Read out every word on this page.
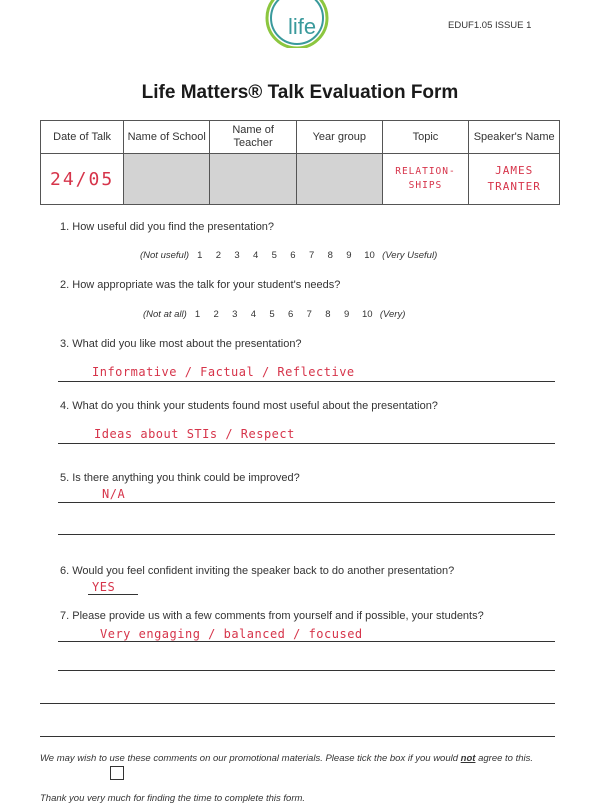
life	EDUF1.05 ISSUE 1
Life Matters® Talk Evaluation Form
Date of Talk	Name of School	Name of Teacher	Year group	Topic	Speaker's Name
24/05				RELATION- SHIPS	JAMES TRANTER
1. How useful did you find the presentation?
(Not useful) 1 2 3 4 5 6 7 8 9 10 (Very Useful)
2. How appropriate was the talk for your student's needs?
(Not at all) 1 2 3 4 5 6 7 8 9 10 (Very)
3. What did you like most about the presentation?
Informative / Factual / Reflective
4. What do you think your students found most useful about the presentation?
Ideas about STIs / Respect
5. Is there anything you think could be improved?
N/A
6. Would you feel confident inviting the speaker back to do another presentation?
YES
7. Please provide us with a few comments from yourself and if possible, your students?
Very engaging / balanced / focused
We may wish to use these comments on our promotional materials. Please tick the box if you would not agree to this.
Thank you very much for finding the time to complete this form.
